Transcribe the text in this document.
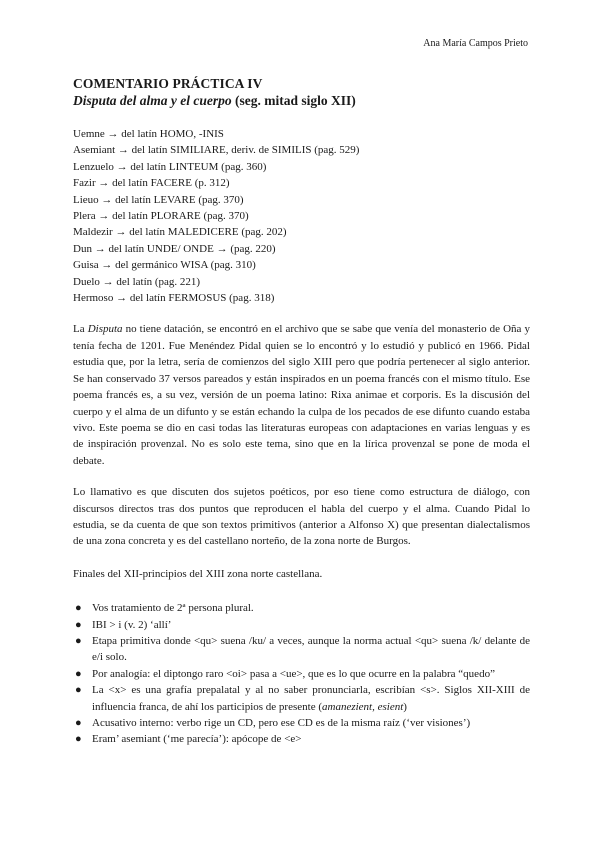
Ana María Campos Prieto
COMENTARIO PRÁCTICA IV
Disputa del alma y el cuerpo (seg. mitad siglo XII)
Uemne → del latín HOMO, -INIS
Asemiant → del latín SIMILIARE, deriv. de SIMILIS (pag. 529)
Lenzuelo → del latín LINTEUM (pag. 360)
Fazir → del latín FACERE (p. 312)
Lieuo → del latín LEVARE (pag. 370)
Plera → del latín PLORARE (pag. 370)
Maldezir → del latín MALEDICERE (pag. 202)
Dun → del latín UNDE/ ONDE → (pag. 220)
Guisa → del germánico WISA (pag. 310)
Duelo → del latín (pag. 221)
Hermoso → del latín FERMOSUS (pag. 318)

La Disputa no tiene datación, se encontró en el archivo que se sabe que venía del monasterio de Oña y tenía fecha de 1201. Fue Menéndez Pidal quien se lo encontró y lo estudió y publicó en 1966. Pidal estudia que, por la letra, sería de comienzos del siglo XIII pero que podría pertenecer al siglo anterior. Se han conservado 37 versos pareados y están inspirados en un poema francés con el mismo título. Ese poema francés es, a su vez, versión de un poema latino: Rixa animae et corporis. Es la discusión del cuerpo y el alma de un difunto y se están echando la culpa de los pecados de ese difunto cuando estaba vivo. Este poema se dio en casi todas las literaturas europeas con adaptaciones en varias lenguas y es de inspiración provenzal. No es solo este tema, sino que en la lírica provenzal se pone de moda el debate.

Lo llamativo es que discuten dos sujetos poéticos, por eso tiene como estructura de diálogo, con discursos directos tras dos puntos que reproducen el habla del cuerpo y el alma. Cuando Pidal lo estudia, se da cuenta de que son textos primitivos (anterior a Alfonso X) que presentan dialectalismos de una zona concreta y es del castellano norteño, de la zona norte de Burgos.

Finales del XII-principios del XIII zona norte castellana.

● Vos tratamiento de 2ª persona plural.
● IBI > i (v. 2) ‘allí’
● Etapa primitiva donde <qu> suena /ku/ a veces, aunque la norma actual <qu> suena /k/ delante de e/i solo.
● Por analogía: el diptongo raro <oi> pasa a <ue>, que es lo que ocurre en la palabra “quedo”
● La <x> es una grafía prepalatal y al no saber pronunciarla, escribían <s>. Siglos XII-XIII de influencia franca, de ahí los participios de presente (amanezient, esient)
● Acusativo interno: verbo rige un CD, pero ese CD es de la misma raíz (‘ver visiones’)
● Eram’ asemiant (‘me parecía’): apócope de <e>
